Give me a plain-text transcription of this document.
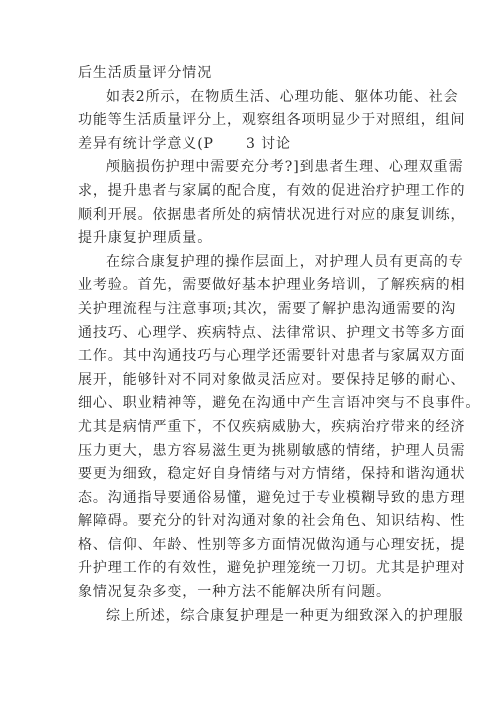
后生活质量评分情况
如表2所示，在物质生活、心理功能、躯体功能、社会
功能等生活质量评分上，观察组各项明显少于对照组，组间
差异有统计学意义(P      3 讨论
颅脑损伤护理中需要充分考?]到患者生理、心理双重需
求，提升患者与家属的配合度，有效的促进治疗护理工作的
顺利开展。依据患者所处的病情状况进行对应的康复训练，
提升康复护理质量。
在综合康复护理的操作层面上，对护理人员有更高的专
业考验。首先，需要做好基本护理业务培训，了解疾病的相
关护理流程与注意事项;其次，需要了解护患沟通需要的沟
通技巧、心理学、疾病特点、法律常识、护理文书等多方面
工作。其中沟通技巧与心理学还需要针对患者与家属双方面
展开，能够针对不同对象做灵活应对。要保持足够的耐心、
细心、职业精神等，避免在沟通中产生言语冲突与不良事件。
尤其是病情严重下，不仅疾病威胁大，疾病治疗带来的经济
压力更大，患方容易滋生更为挑剔敏感的情绪，护理人员需
要更为细致，稳定好自身情绪与对方情绪，保持和谐沟通状
态。沟通指导要通俗易懂，避免过于专业模糊导致的患方理
解障碍。要充分的针对沟通对象的社会角色、知识结构、性
格、信仰、年龄、性别等多方面情况做沟通与心理安抚，提
升护理工作的有效性，避免护理笼统一刀切。尤其是护理对
象情况复杂多变，一种方法不能解决所有问题。
综上所述，综合康复护理是一种更为细致深入的护理服
